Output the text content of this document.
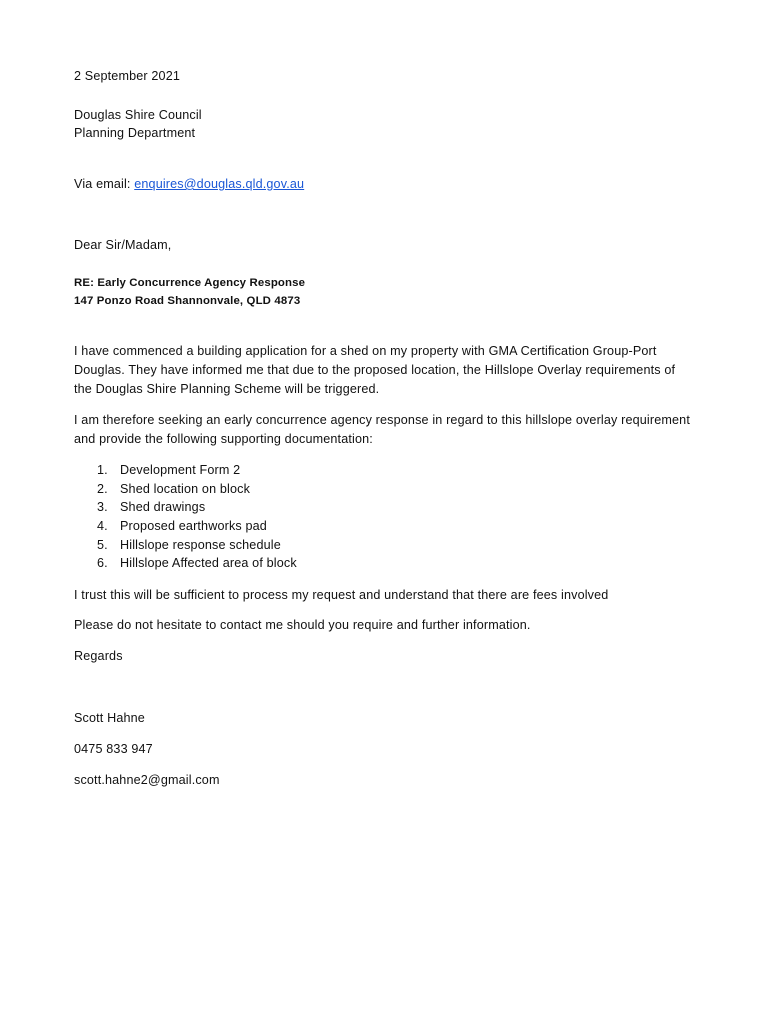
2 September 2021
Douglas Shire Council
Planning Department
Via email: enquires@douglas.qld.gov.au
Dear Sir/Madam,
RE: Early Concurrence Agency Response
147 Ponzo Road Shannonvale, QLD 4873
I have commenced a building application for a shed on my property with GMA Certification Group-Port
Douglas. They have informed me that due to the proposed location, the Hillslope Overlay requirements of
the Douglas Shire Planning Scheme will be triggered.
I am therefore seeking an early concurrence agency response in regard to this hillslope overlay requirement
and provide the following supporting documentation:
1. Development Form 2
2. Shed location on block
3. Shed drawings
4. Proposed earthworks pad
5. Hillslope response schedule
6. Hillslope Affected area of block
I trust this will be sufficient to process my request and understand that there are fees involved
Please do not hesitate to contact me should you require and further information.
Regards
Scott Hahne
0475 833 947
scott.hahne2@gmail.com
